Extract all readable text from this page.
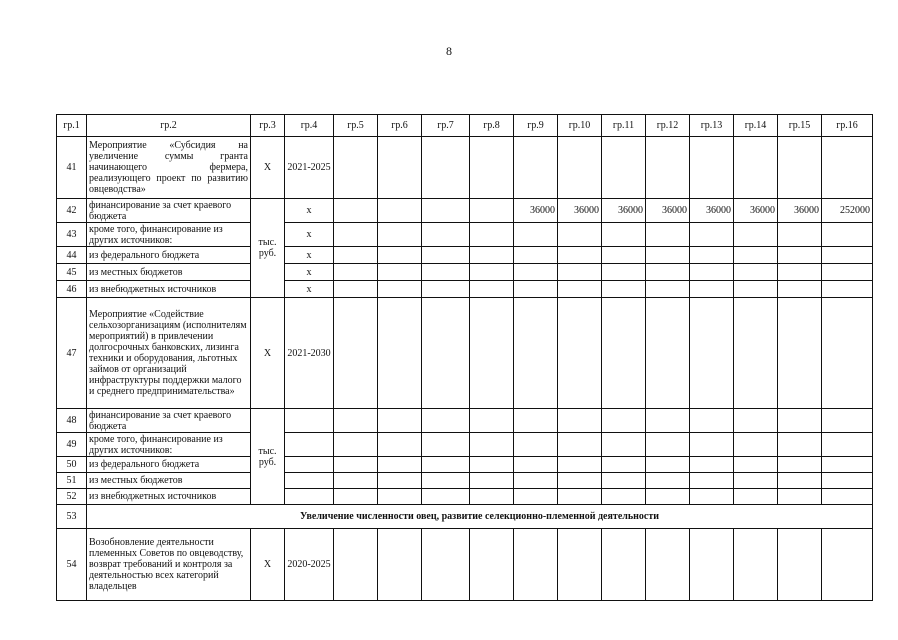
8
гр.1	гр.2	гр.3	гр.4	гр.5	гр.6	гр.7	гр.8	гр.9	гр.10	гр.11	гр.12	гр.13	гр.14	гр.15	гр.16
41	Мероприятие «Субсидия на увеличение суммы гранта начинающего фермера, реализующего проект по развитию овцеводства»	Х	2021-2025												
42	финансирование за счет краевого бюджета	тыс. руб.	х					36000	36000	36000	36000	36000	36000	36000	252000
43	кроме того, финансирование из других источников:		х												
44	из федерального бюджета		х												
45	из местных бюджетов		х												
46	из внебюджетных источников		х												
47	Мероприятие «Содействие сельхозорганизациям (исполнителям мероприятий) в привлечении долгосрочных банковских, лизинга техники и оборудования, льготных займов от организаций инфраструктуры поддержки малого и среднего предпринимательства»	Х	2021-2030												
48	финансирование за счет краевого бюджета	тыс. руб.													
49	кроме того, финансирование из других источников:														
50	из федерального бюджета														
51	из местных бюджетов														
52	из внебюджетных источников														
53	Увеличение численности овец, развитие селекционно-племенной деятельности														
54	Возобновление деятельности племенных Советов по овцеводству, возврат требований и контроля за деятельностью всех категорий владельцев	Х	2020-2025												
